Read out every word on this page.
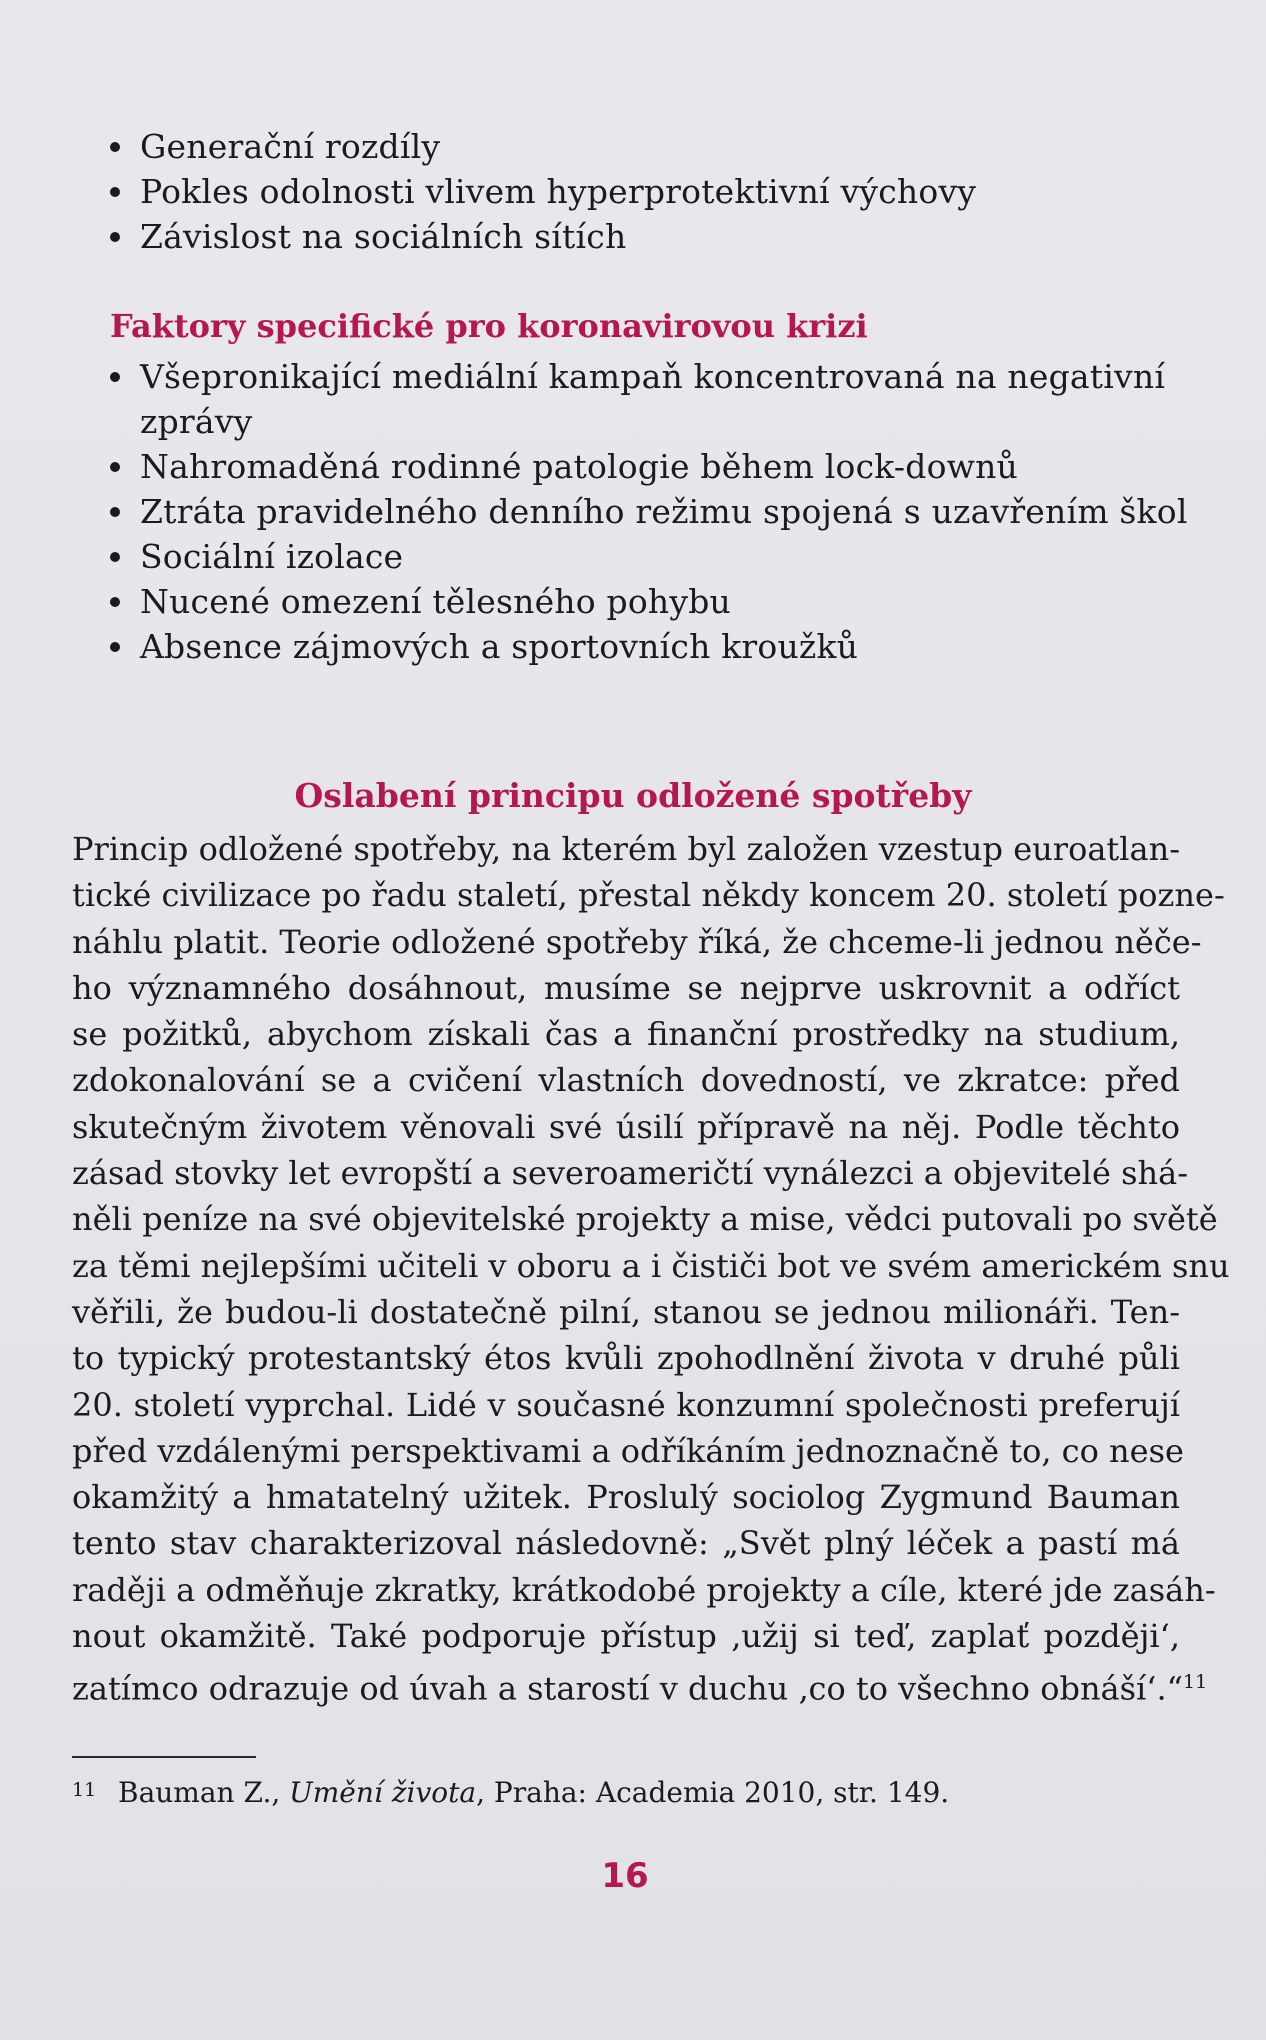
Generační rozdíly
Pokles odolnosti vlivem hyperprotektivní výchovy
Závislost na sociálních sítích
Faktory specifické pro koronavirovou krizi
Všepronikající mediální kampaň koncentrovaná na negativní zprávy
Nahromaděná rodinné patologie během lock-downů
Ztráta pravidelného denního režimu spojená s uzavřením škol
Sociální izolace
Nucené omezení tělesného pohybu
Absence zájmových a sportovních kroužků
Oslabení principu odložené spotřeby

Princip odložené spotřeby, na kterém byl založen vzestup euroatlan-
tické civilizace po řadu staletí, přestal někdy koncem 20. století pozne-
náhlu platit. Teorie odložené spotřeby říká, že chceme-li jednou něče-
ho významného dosáhnout, musíme se nejprve uskrovnit a odříct
se požitků, abychom získali čas a finanční prostředky na studium,
zdokonalování se a cvičení vlastních dovedností, ve zkratce: před
skutečným životem věnovali své úsilí přípravě na něj. Podle těchto
zásad stovky let evropští a severoameričtí vynálezci a objevitelé shá-
něli peníze na své objevitelské projekty a mise, vědci putovali po světě
za těmi nejlepšími učiteli v oboru a i čističi bot ve svém americkém snu
věřili, že budou-li dostatečně pilní, stanou se jednou milionáři. Ten-
to typický protestantský étos kvůli zpohodlnění života v druhé půli
20. století vyprchal. Lidé v současné konzumní společnosti preferují
před vzdálenými perspektivami a odříkáním jednoznačně to, co nese
okamžitý a hmatatelný užitek. Proslulý sociolog Zygmund Bauman
tento stav charakterizoval následovně: „Svět plný léček a pastí má
raději a odměňuje zkratky, krátkodobé projekty a cíle, které jde zasáh-
nout okamžitě. Také podporuje přístup ‚užij si teď, zaplať později‘,
zatímco odrazuje od úvah a starostí v duchu ‚co to všechno obnáší‘.“$^{11}$

11 Bauman Z., Umění života, Praha: Academia 2010, str. 149.

16
